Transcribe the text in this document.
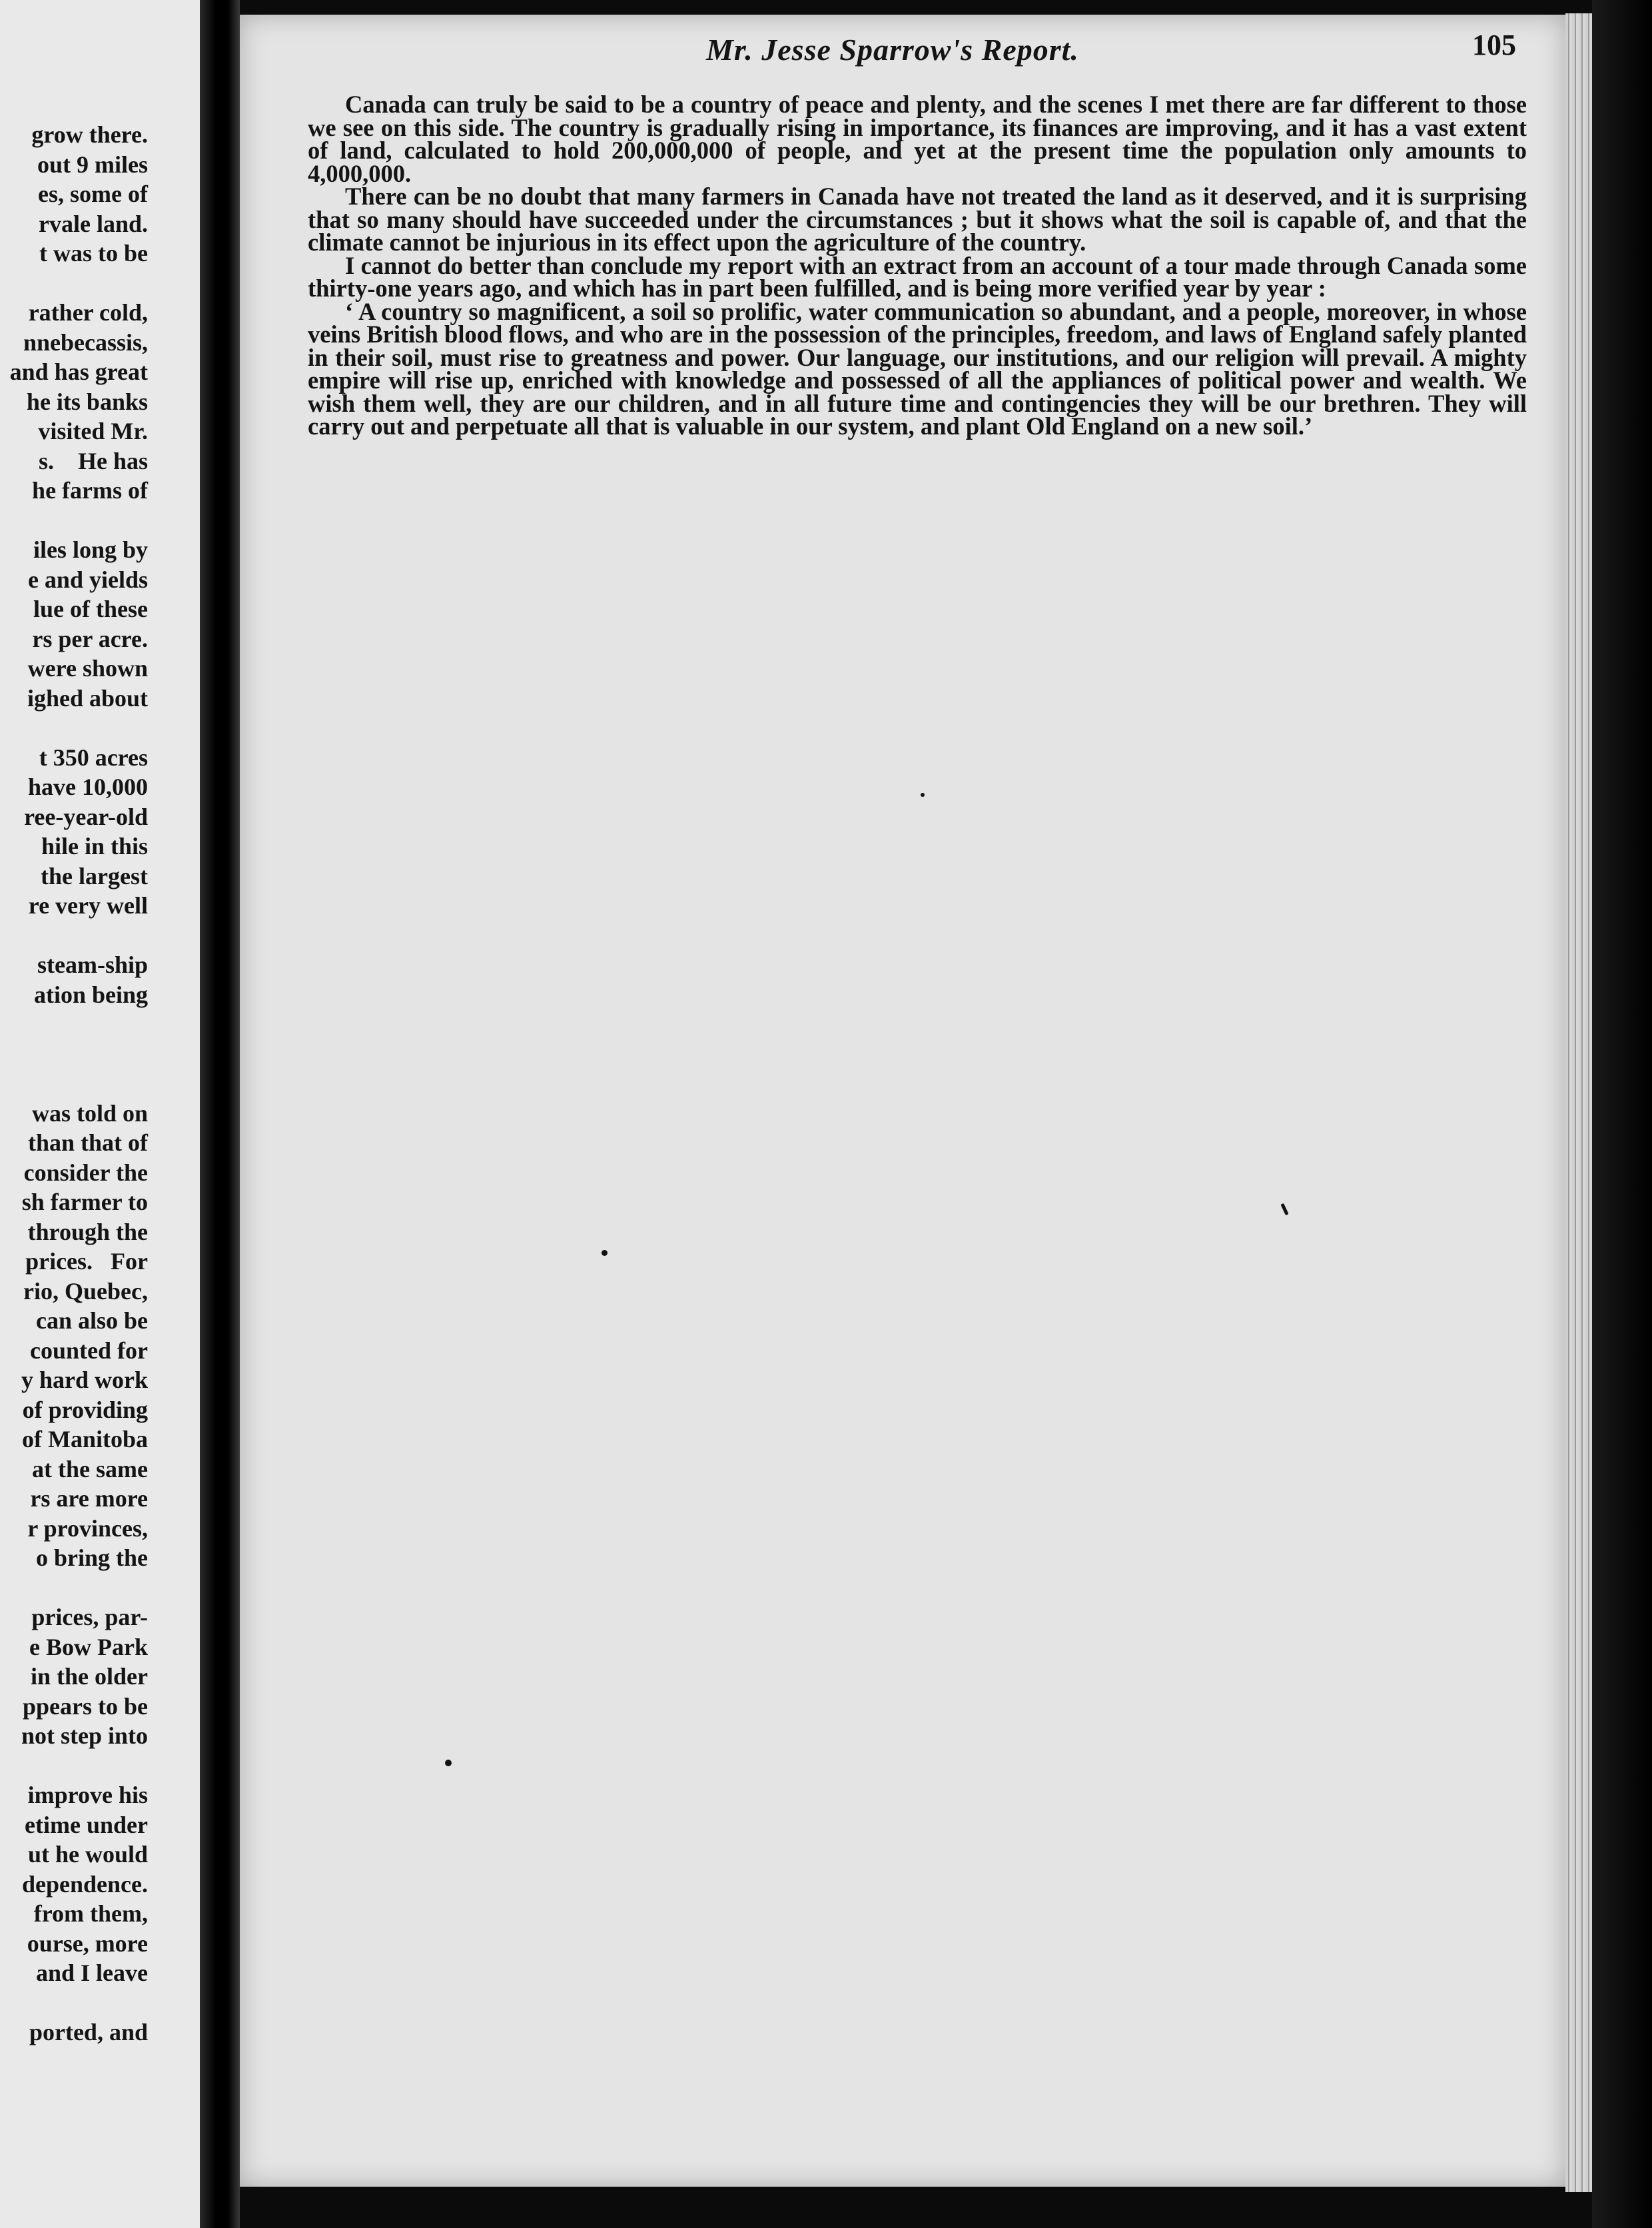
grow there.
out 9 miles
es, some of
rvale land.
t was to be
rather cold,
nnebecassis,
and has great
he its banks
visited Mr.
s.    He has
he farms of
iles long by
e and yields
lue of these
rs per acre.
were shown
ighed about
t 350 acres
have 10,000
ree-year-old
hile in this
the largest
re very well
steam-ship
ation being
was told on
than that of
consider the
sh farmer to
through the
prices.   For
rio, Quebec,
can also be
counted for
y hard work
of providing
of Manitoba
at the same
rs are more
r provinces,
o bring the
prices, par-
e Bow Park
in the older
ppears to be
not step into
improve his
etime under
ut he would
dependence.
from them,
ourse, more
and I leave
ported, and
Mr. Jesse Sparrow's Report.	105

Canada can truly be said to be a country of peace and plenty, and the scenes I met there are far different to those we see on this side. The country is gradually rising in importance, its finances are improving, and it has a vast extent of land, calculated to hold 200,000,000 of people, and yet at the present time the population only amounts to 4,000,000.

There can be no doubt that many farmers in Canada have not treated the land as it deserved, and it is surprising that so many should have succeeded under the circumstances ; but it shows what the soil is capable of, and that the climate cannot be injurious in its effect upon the agriculture of the country.

I cannot do better than conclude my report with an extract from an account of a tour made through Canada some thirty-one years ago, and which has in part been fulfilled, and is being more verified year by year :

‘ A country so magnificent, a soil so prolific, water communication so abundant, and a people, moreover, in whose veins British blood flows, and who are in the possession of the principles, freedom, and laws of England safely planted in their soil, must rise to greatness and power. Our language, our institutions, and our religion will prevail. A mighty empire will rise up, enriched with knowledge and possessed of all the appliances of political power and wealth. We wish them well, they are our children, and in all future time and contingencies they will be our brethren. They will carry out and perpetuate all that is valuable in our system, and plant Old England on a new soil.’
